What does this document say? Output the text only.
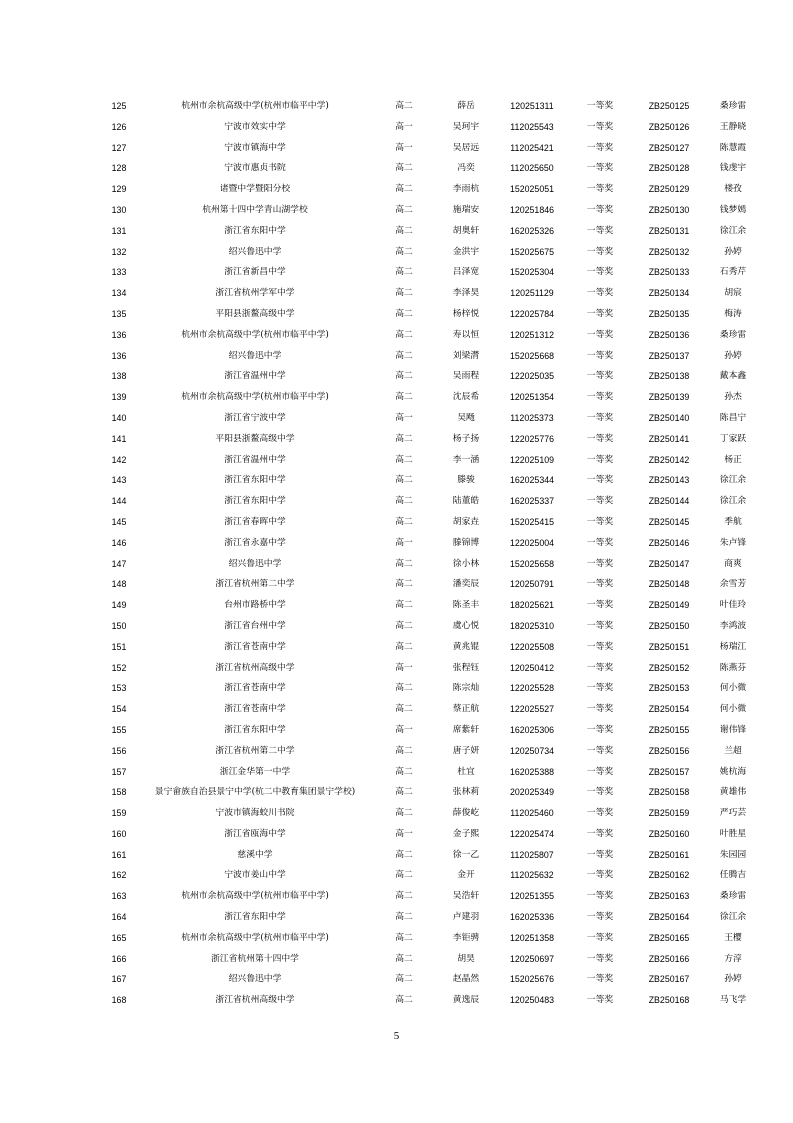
125	杭州市余杭高级中学(杭州市临平中学)	高二	薛岳	120251311	一等奖	ZB250125	桑珍雷
126	宁波市效实中学	高一	吴珂宇	112025543	一等奖	ZB250126	王静晓
127	宁波市镇海中学	高一	吴居远	112025421	一等奖	ZB250127	陈慧霞
128	宁波市惠贞书院	高二	冯奕	112025650	一等奖	ZB250128	钱虔宇
129	诸暨中学暨阳分校	高二	李雨杭	152025051	一等奖	ZB250129	楼孜
130	杭州第十四中学青山湖学校	高二	施瑞安	120251846	一等奖	ZB250130	钱梦嫣
131	浙江省东阳中学	高二	胡奥轩	162025326	一等奖	ZB250131	徐江余
132	绍兴鲁迅中学	高二	金洪宇	152025675	一等奖	ZB250132	孙婷
133	浙江省新昌中学	高二	吕泽宽	152025304	一等奖	ZB250133	石秀芹
134	浙江省杭州学军中学	高二	李泽昊	120251129	一等奖	ZB250134	胡宸
135	平阳县浙鳌高级中学	高二	杨梓悦	122025784	一等奖	ZB250135	梅涛
136	杭州市余杭高级中学(杭州市临平中学)	高二	寿以恒	120251312	一等奖	ZB250136	桑珍雷
136	绍兴鲁迅中学	高二	刘梁潸	152025668	一等奖	ZB250137	孙婷
138	浙江省温州中学	高二	吴雨程	122025035	一等奖	ZB250138	戴本鑫
139	杭州市余杭高级中学(杭州市临平中学)	高二	沈辰希	120251354	一等奖	ZB250139	孙杰
140	浙江省宁波中学	高一	吴飏	112025373	一等奖	ZB250140	陈昌宁
141	平阳县浙鳌高级中学	高二	杨子扬	122025776	一等奖	ZB250141	丁家跃
142	浙江省温州中学	高二	李一涵	122025109	一等奖	ZB250142	杨正
143	浙江省东阳中学	高二	滕骏	162025344	一等奖	ZB250143	徐江余
144	浙江省东阳中学	高二	陆董皓	162025337	一等奖	ZB250144	徐江余
145	浙江省春晖中学	高二	胡家垚	152025415	一等奖	ZB250145	季航
146	浙江省永嘉中学	高一	滕锦博	122025004	一等奖	ZB250146	朱卢锋
147	绍兴鲁迅中学	高二	徐小林	152025658	一等奖	ZB250147	商爽
148	浙江省杭州第二中学	高二	潘奕辰	120250791	一等奖	ZB250148	余雪芳
149	台州市路桥中学	高二	陈圣丰	182025621	一等奖	ZB250149	叶佳玲
150	浙江省台州中学	高二	虞心悦	182025310	一等奖	ZB250150	李鸿波
151	浙江省苍南中学	高二	黄兆锟	122025508	一等奖	ZB250151	杨瑞江
152	浙江省杭州高级中学	高一	张程钰	120250412	一等奖	ZB250152	陈燕芬
153	浙江省苍南中学	高二	陈宗灿	122025528	一等奖	ZB250153	何小微
154	浙江省苍南中学	高二	蔡正航	122025527	一等奖	ZB250154	何小微
155	浙江省东阳中学	高一	席紫轩	162025306	一等奖	ZB250155	谢伟锋
156	浙江省杭州第二中学	高二	唐子妍	120250734	一等奖	ZB250156	兰超
157	浙江金华第一中学	高二	杜宜	162025388	一等奖	ZB250157	姚杭海
158	景宁畲族自治县景宁中学(杭二中教育集团景宁学校)	高二	张林莉	202025349	一等奖	ZB250158	黄雄伟
159	宁波市镇海蛟川书院	高二	薛俊屹	112025460	一等奖	ZB250159	严巧芸
160	浙江省瓯海中学	高一	金子熙	122025474	一等奖	ZB250160	叶胜星
161	慈溪中学	高二	徐一乙	112025807	一等奖	ZB250161	朱园园
162	宁波市姜山中学	高二	金开	112025632	一等奖	ZB250162	任腾吉
163	杭州市余杭高级中学(杭州市临平中学)	高二	吴浩轩	120251355	一等奖	ZB250163	桑珍雷
164	浙江省东阳中学	高二	卢建羽	162025336	一等奖	ZB250164	徐江余
165	杭州市余杭高级中学(杭州市临平中学)	高二	李钜骋	120251358	一等奖	ZB250165	王樱
166	浙江省杭州第十四中学	高二	胡昊	120250697	一等奖	ZB250166	方淳
167	绍兴鲁迅中学	高二	赵晶然	152025676	一等奖	ZB250167	孙婷
168	浙江省杭州高级中学	高二	黄逸辰	120250483	一等奖	ZB250168	马飞学
5
